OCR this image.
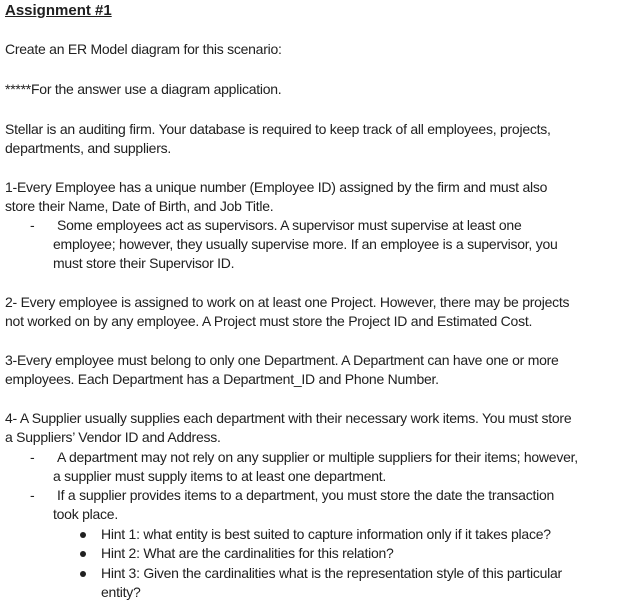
Assignment #1
Create an ER Model diagram for this scenario:
*****For the answer use a diagram application.
Stellar is an auditing firm. Your database is required to keep track of all employees, projects,
departments, and suppliers.
1-Every Employee has a unique number (Employee ID) assigned by the firm and must also
store their Name, Date of Birth, and Job Title.
- Some employees act as supervisors. A supervisor must supervise at least one
employee; however, they usually supervise more. If an employee is a supervisor, you
must store their Supervisor ID.
2- Every employee is assigned to work on at least one Project. However, there may be projects
not worked on by any employee. A Project must store the Project ID and Estimated Cost.
3-Every employee must belong to only one Department. A Department can have one or more
employees. Each Department has a Department_ID and Phone Number.
4- A Supplier usually supplies each department with their necessary work items. You must store
a Suppliers’ Vendor ID and Address.
- A department may not rely on any supplier or multiple suppliers for their items; however,
a supplier must supply items to at least one department.
- If a supplier provides items to a department, you must store the date the transaction
took place.
Hint 1: what entity is best suited to capture information only if it takes place?
Hint 2: What are the cardinalities for this relation?
Hint 3: Given the cardinalities what is the representation style of this particular
entity?
